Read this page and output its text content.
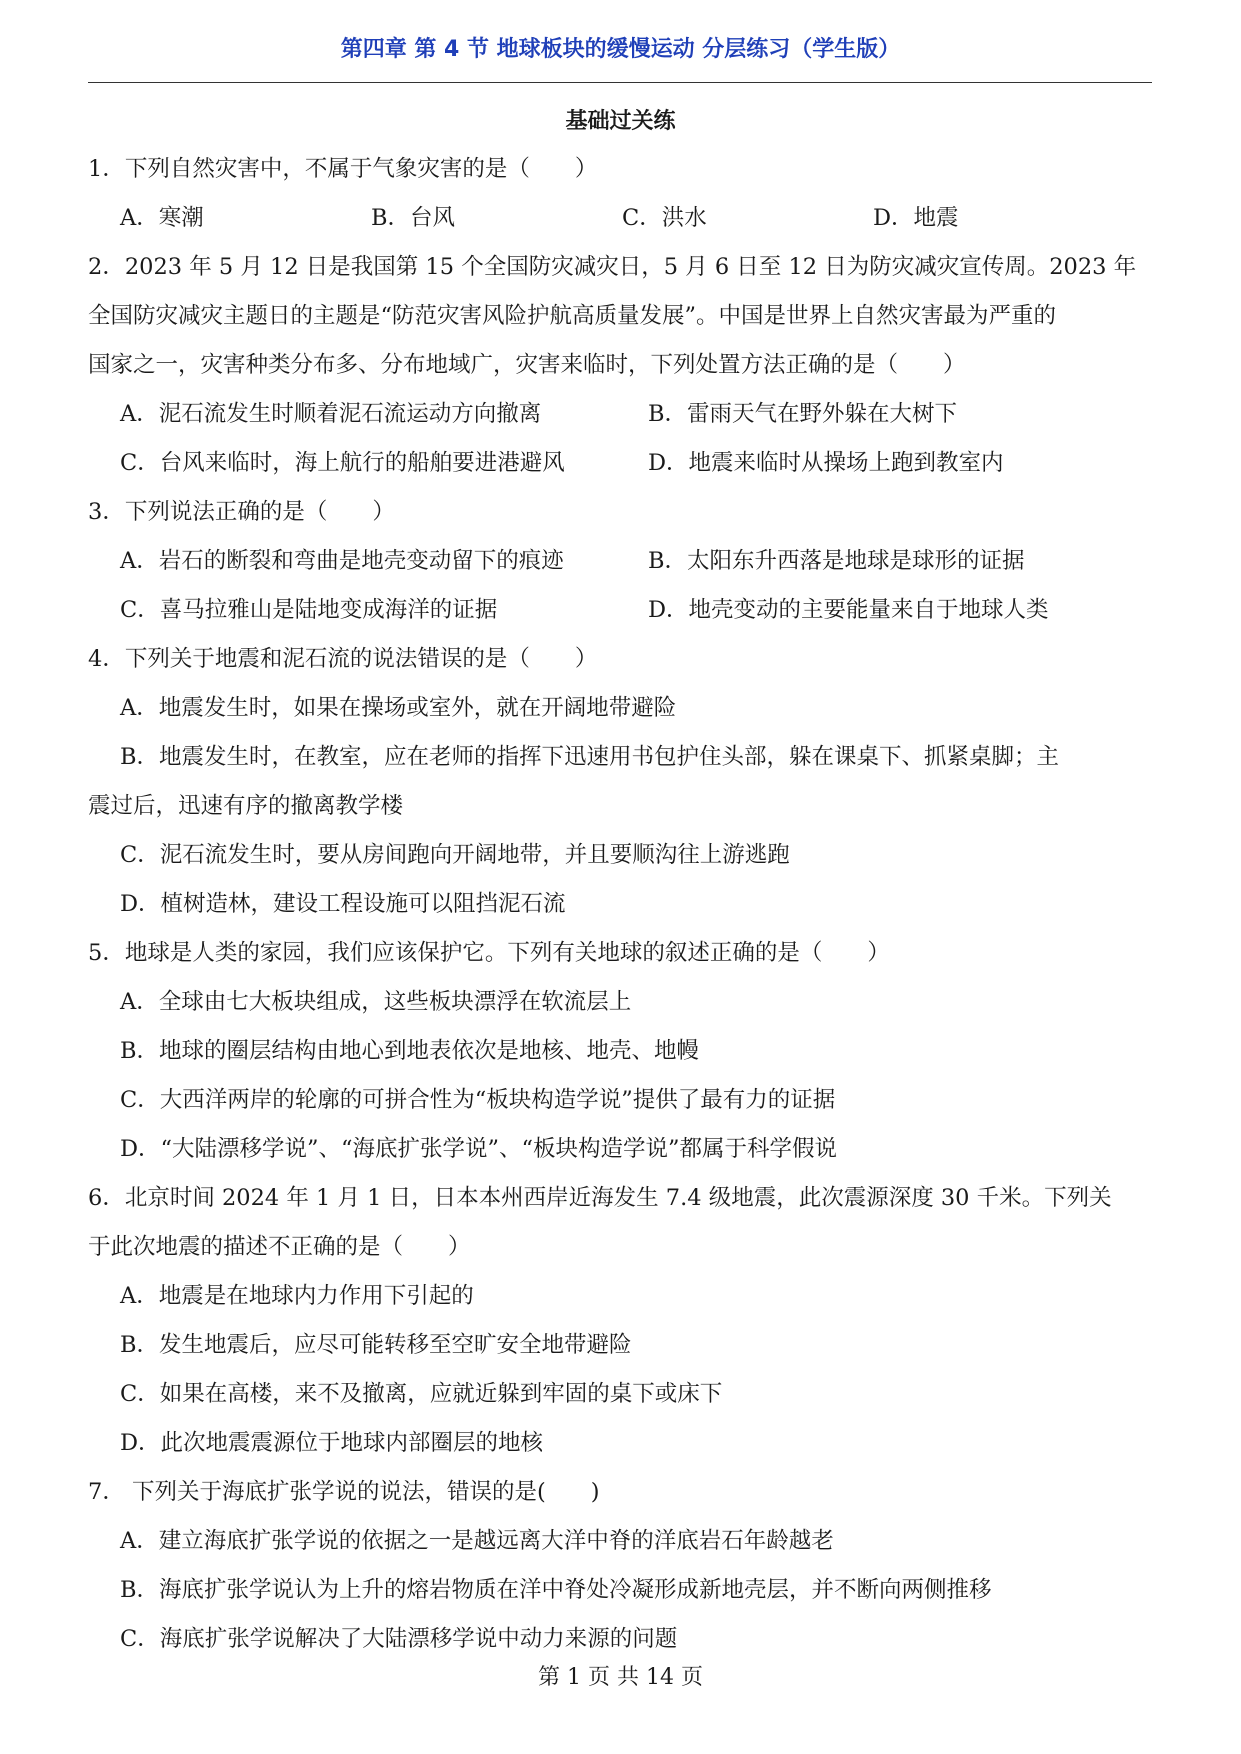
第四章 第 4 节 地球板块的缓慢运动 分层练习（学生版）
基础过关练
1．下列自然灾害中，不属于气象灾害的是（　　）
A．寒潮	B．台风	C．洪水	D．地震
2．2023 年 5 月 12 日是我国第 15 个全国防灾减灾日，5 月 6 日至 12 日为防灾减灾宣传周。2023 年
全国防灾减灾主题日的主题是“防范灾害风险护航高质量发展”。中国是世界上自然灾害最为严重的
国家之一，灾害种类分布多、分布地域广，灾害来临时，下列处置方法正确的是（　　）
A．泥石流发生时顺着泥石流运动方向撤离	B．雷雨天气在野外躲在大树下
C．台风来临时，海上航行的船舶要进港避风	D．地震来临时从操场上跑到教室内
3．下列说法正确的是（　　）
A．岩石的断裂和弯曲是地壳变动留下的痕迹	B．太阳东升西落是地球是球形的证据
C．喜马拉雅山是陆地变成海洋的证据	D．地壳变动的主要能量来自于地球人类
4．下列关于地震和泥石流的说法错误的是（　　）
A．地震发生时，如果在操场或室外，就在开阔地带避险
B．地震发生时，在教室，应在老师的指挥下迅速用书包护住头部，躲在课桌下、抓紧桌脚；主
震过后，迅速有序的撤离教学楼
C．泥石流发生时，要从房间跑向开阔地带，并且要顺沟往上游逃跑
D．植树造林，建设工程设施可以阻挡泥石流
5．地球是人类的家园，我们应该保护它。下列有关地球的叙述正确的是（　　）
A．全球由七大板块组成，这些板块漂浮在软流层上
B．地球的圈层结构由地心到地表依次是地核、地壳、地幔
C．大西洋两岸的轮廓的可拼合性为“板块构造学说”提供了最有力的证据
D．“大陆漂移学说”、“海底扩张学说”、“板块构造学说”都属于科学假说
6．北京时间 2024 年 1 月 1 日，日本本州西岸近海发生 7.4 级地震，此次震源深度 30 千米。下列关
于此次地震的描述不正确的是（　　）
A．地震是在地球内力作用下引起的
B．发生地震后，应尽可能转移至空旷安全地带避险
C．如果在高楼，来不及撤离，应就近躲到牢固的桌下或床下
D．此次地震震源位于地球内部圈层的地核
7． 下列关于海底扩张学说的说法，错误的是(　　)
A．建立海底扩张学说的依据之一是越远离大洋中脊的洋底岩石年龄越老
B．海底扩张学说认为上升的熔岩物质在洋中脊处冷凝形成新地壳层，并不断向两侧推移
C．海底扩张学说解决了大陆漂移学说中动力来源的问题
第 1 页 共 14 页
